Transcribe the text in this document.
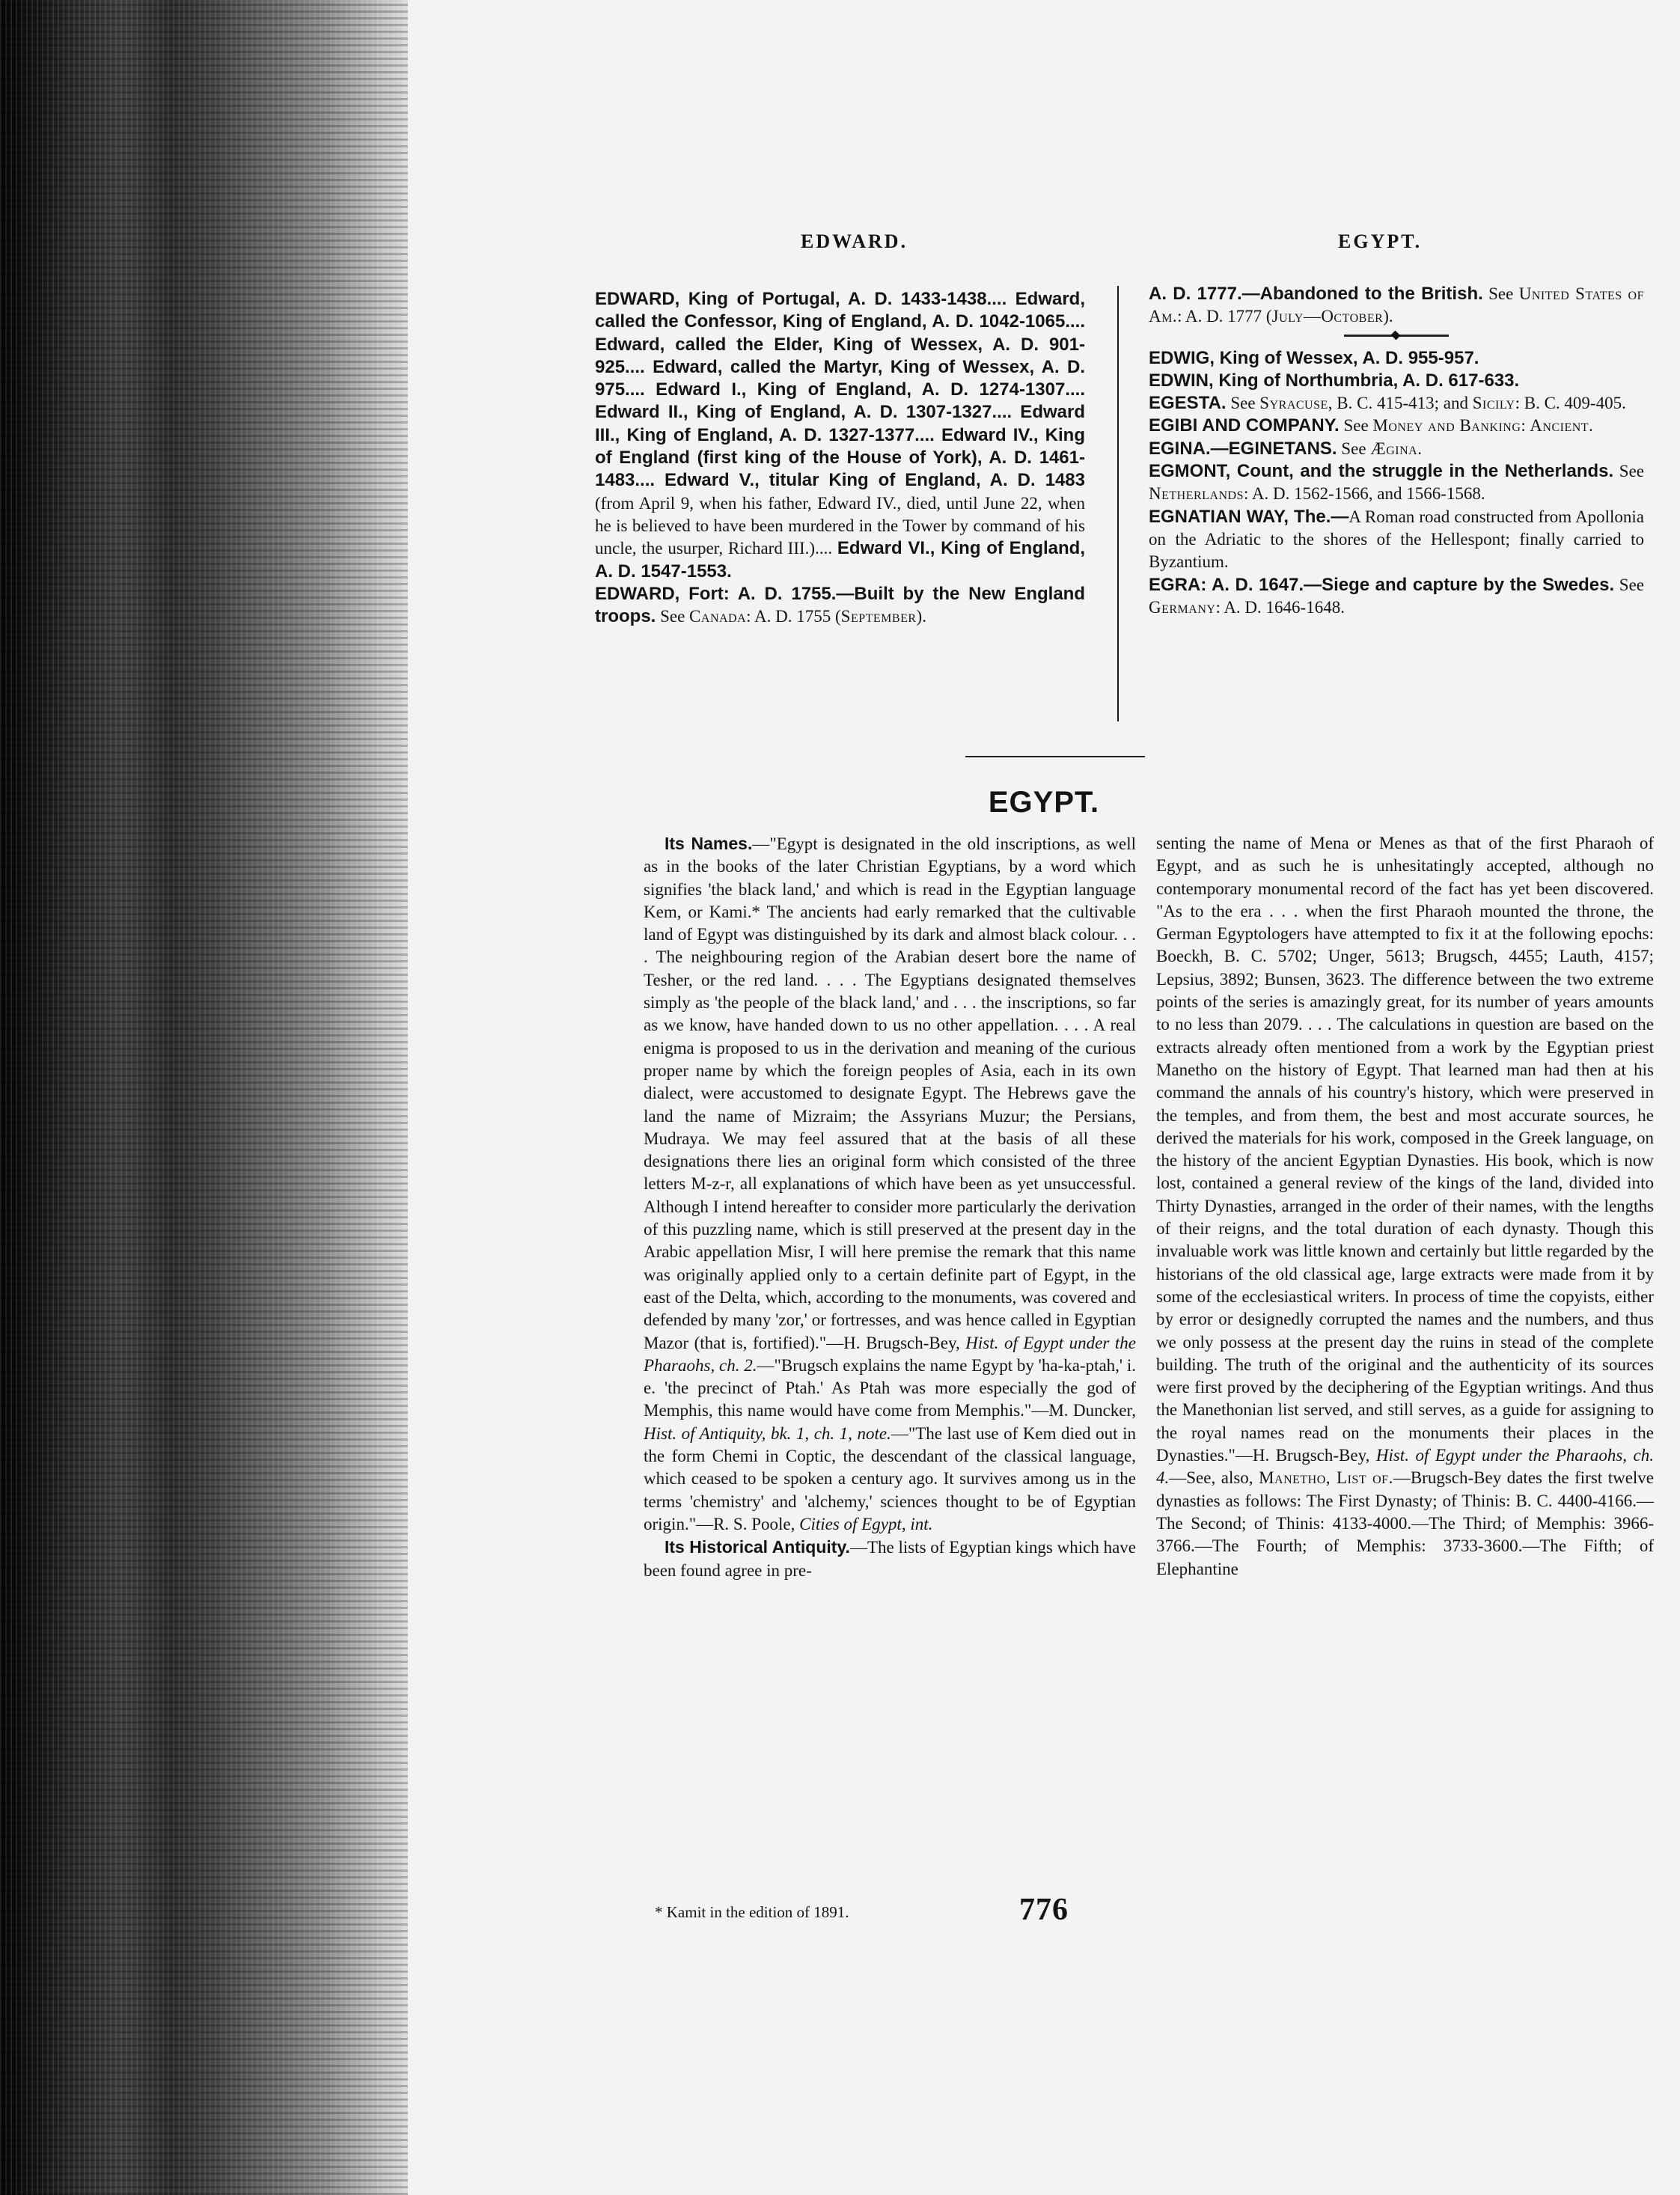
EDWARD.	EGYPT.

EDWARD, King of Portugal, A. D. 1433-1438.... Edward, called the Confessor, King of England, A. D. 1042-1065.... Edward, called the Elder, King of Wessex, A. D. 901-925.... Edward, called the Martyr, King of Wessex, A. D. 975.... Edward I., King of England, A. D. 1274-1307.... Edward II., King of England, A. D. 1307-1327.... Edward III., King of England, A. D. 1327-1377.... Edward IV., King of England (first king of the House of York), A. D. 1461-1483.... Edward V., titular King of England, A. D. 1483 (from April 9, when his father, Edward IV., died, until June 22, when he is believed to have been murdered in the Tower by command of his uncle, the usurper, Richard III.).... Edward VI., King of England, A. D. 1547-1553.

EDWARD, Fort: A. D. 1755.—Built by the New England troops. See Canada: A. D. 1755 (September).

A. D. 1777.—Abandoned to the British. See United States of Am.: A. D. 1777 (July—October).

EDWIG, King of Wessex, A. D. 955-957.

EDWIN, King of Northumbria, A. D. 617-633.

EGESTA. See Syracuse, B. C. 415-413; and Sicily: B. C. 409-405.

EGIBI AND COMPANY. See Money and Banking: Ancient.

EGINA.—EGINETANS. See Ægina.

EGMONT, Count, and the struggle in the Netherlands. See Netherlands: A. D. 1562-1566, and 1566-1568.

EGNATIAN WAY, The.—A Roman road constructed from Apollonia on the Adriatic to the shores of the Hellespont; finally carried to Byzantium.

EGRA: A. D. 1647.—Siege and capture by the Swedes. See Germany: A. D. 1646-1648.

EGYPT.

Its Names.—"Egypt is designated in the old inscriptions, as well as in the books of the later Christian Egyptians, by a word which signifies 'the black land,' and which is read in the Egyptian language Kem, or Kami.* The ancients had early remarked that the cultivable land of Egypt was distinguished by its dark and almost black colour. . . . The neighbouring region of the Arabian desert bore the name of Tesher, or the red land. . . . The Egyptians designated themselves simply as 'the people of the black land,' and . . . the inscriptions, so far as we know, have handed down to us no other appellation. . . . A real enigma is proposed to us in the derivation and meaning of the curious proper name by which the foreign peoples of Asia, each in its own dialect, were accustomed to designate Egypt. The Hebrews gave the land the name of Mizraim; the Assyrians Muzur; the Persians, Mudraya. We may feel assured that at the basis of all these designations there lies an original form which consisted of the three letters M-z-r, all explanations of which have been as yet unsuccessful. Although I intend hereafter to consider more particularly the derivation of this puzzling name, which is still preserved at the present day in the Arabic appellation Misr, I will here premise the remark that this name was originally applied only to a certain definite part of Egypt, in the east of the Delta, which, according to the monuments, was covered and defended by many 'zor,' or fortresses, and was hence called in Egyptian Mazor (that is, fortified)."—H. Brugsch-Bey, Hist. of Egypt under the Pharaohs, ch. 2.—"Brugsch explains the name Egypt by 'ha-ka-ptah,' i. e. 'the precinct of Ptah.' As Ptah was more especially the god of Memphis, this name would have come from Memphis."—M. Duncker, Hist. of Antiquity, bk. 1, ch. 1, note.—"The last use of Kem died out in the form Chemi in Coptic, the descendant of the classical language, which ceased to be spoken a century ago. It survives among us in the terms 'chemistry' and 'alchemy,' sciences thought to be of Egyptian origin."—R. S. Poole, Cities of Egypt, int.

Its Historical Antiquity.—The lists of Egyptian kings which have been found agree in pre-

senting the name of Mena or Menes as that of the first Pharaoh of Egypt, and as such he is unhesitatingly accepted, although no contemporary monumental record of the fact has yet been discovered. "As to the era . . . when the first Pharaoh mounted the throne, the German Egyptologers have attempted to fix it at the following epochs: Boeckh, B. C. 5702; Unger, 5613; Brugsch, 4455; Lauth, 4157; Lepsius, 3892; Bunsen, 3623. The difference between the two extreme points of the series is amazingly great, for its number of years amounts to no less than 2079. . . . The calculations in question are based on the extracts already often mentioned from a work by the Egyptian priest Manetho on the history of Egypt. That learned man had then at his command the annals of his country's history, which were preserved in the temples, and from them, the best and most accurate sources, he derived the materials for his work, composed in the Greek language, on the history of the ancient Egyptian Dynasties. His book, which is now lost, contained a general review of the kings of the land, divided into Thirty Dynasties, arranged in the order of their names, with the lengths of their reigns, and the total duration of each dynasty. Though this invaluable work was little known and certainly but little regarded by the historians of the old classical age, large extracts were made from it by some of the ecclesiastical writers. In process of time the copyists, either by error or designedly corrupted the names and the numbers, and thus we only possess at the present day the ruins in stead of the complete building. The truth of the original and the authenticity of its sources were first proved by the deciphering of the Egyptian writings. And thus the Manethonian list served, and still serves, as a guide for assigning to the royal names read on the monuments their places in the Dynasties."—H. Brugsch-Bey, Hist. of Egypt under the Pharaohs, ch. 4.—See, also, Manetho, List of.—Brugsch-Bey dates the first twelve dynasties as follows: The First Dynasty; of Thinis: B. C. 4400-4166.—The Second; of Thinis: 4133-4000.—The Third; of Memphis: 3966-3766.—The Fourth; of Memphis: 3733-3600.—The Fifth; of Elephantine

* Kamit in the edition of 1891.	776
